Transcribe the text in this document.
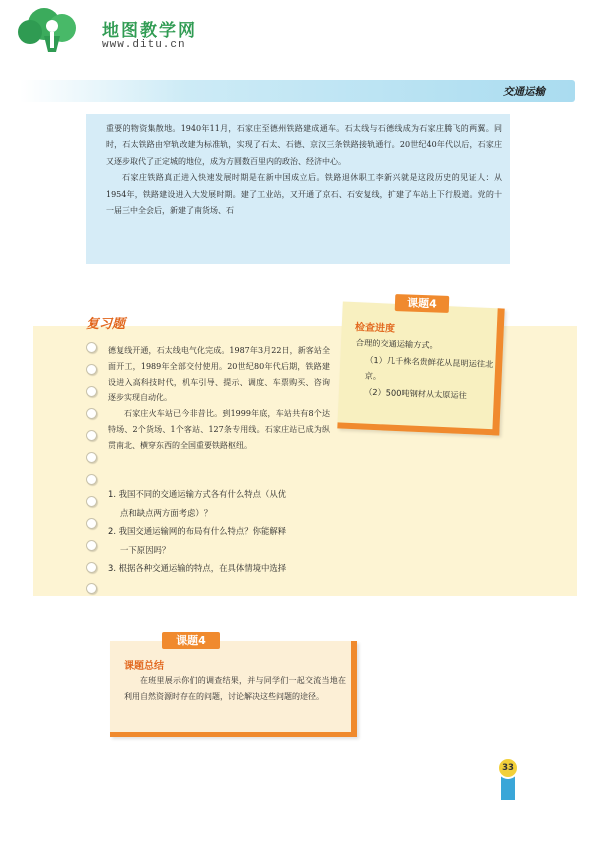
地图教学网
www.ditu.cn
交通运输

重要的物资集散地。1940年11月，石家庄至德州铁路建成通车。石太线与石德线成为石家庄腾飞的两翼。同时，石太铁路由窄轨改建为标准轨，实现了石太、石德、京汉三条铁路接轨通行。20世纪40年代以后，石家庄又逐步取代了正定城的地位，成为方圆数百里内的政治、经济中心。

石家庄铁路真正进入快速发展时期是在新中国成立后。铁路退休职工李新兴就是这段历史的见证人：从1954年，铁路建设进入大发展时期。建了工业站，又开通了京石、石安复线，扩建了车站上下行股道。党的十一届三中全会后，新建了南货场、石

复习题

德复线开通，石太线电气化完成。1987年3月22日，新客站全面开工，1989年全部交付使用。20世纪80年代后期，铁路建设进入高科技时代，机车引导、提示、调度、车票购买、咨询逐步实现自动化。

石家庄火车站已今非昔比。到1999年底，车站共有8个达特场、2个货场、1个客站、127条专用线。石家庄站已成为纵贯南北、横穿东西的全国重要铁路枢纽。

1. 我国不同的交通运输方式各有什么特点（从优
点和缺点两方面考虑）？
2. 我国交通运输网的布局有什么特点？你能解释
一下原因吗？
3. 根据各种交通运输的特点，在具体情境中选择
课题4
检查进度

合理的交通运输方式。

（1）几千株名贵鲜花从昆明运往北京。

（2）500吨钢材从太原运往

课题4
课题总结

在班里展示你们的调查结果，并与同学们一起交流当地在利用自然资源时存在的问题，讨论解决这些问题的途径。

33
